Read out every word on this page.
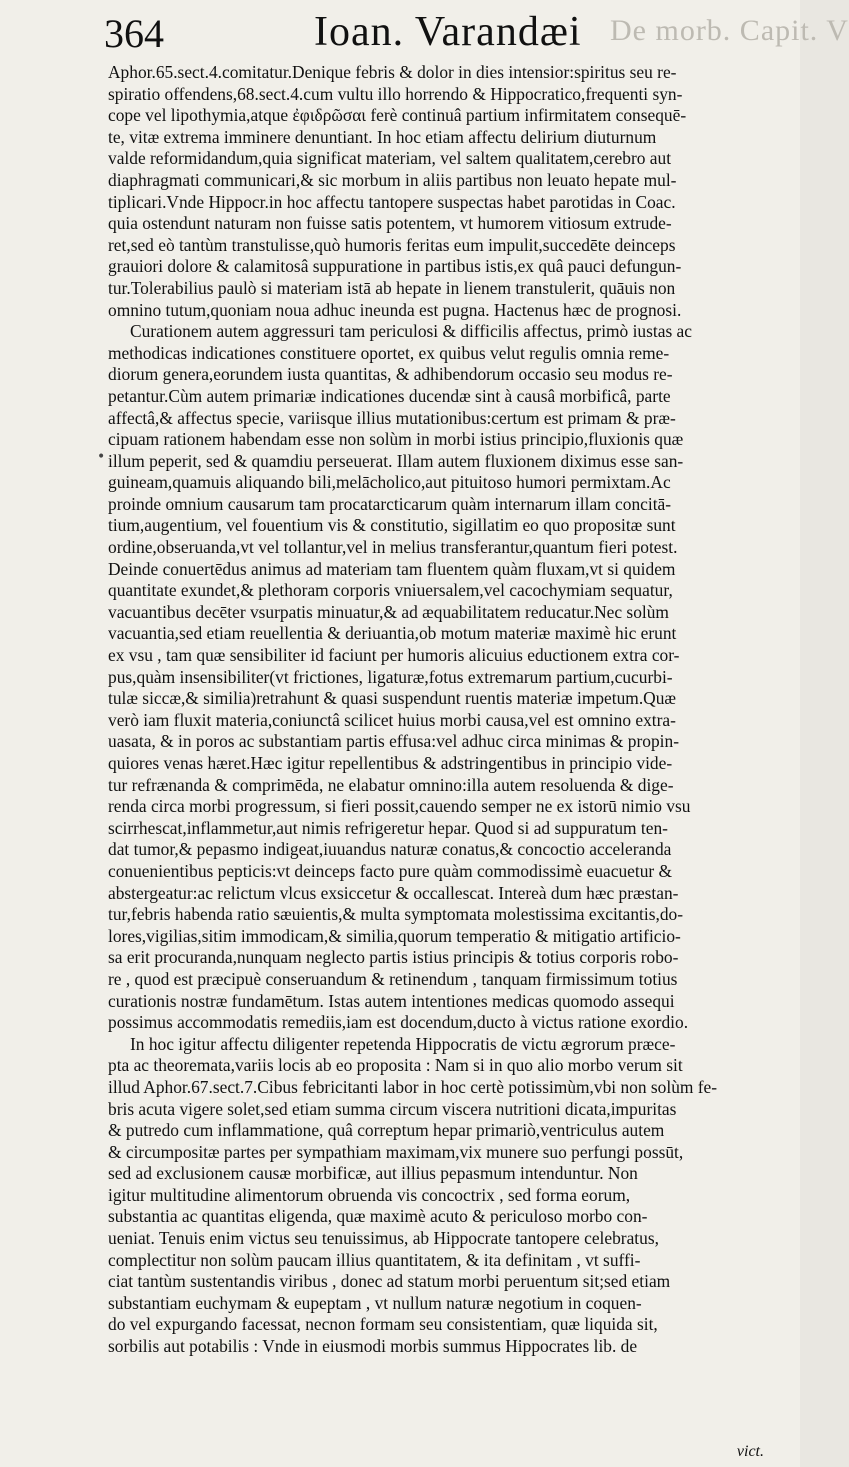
De morb. Capit. V
364	Ioan. Varandæi
•
Aphor.65.sect.4.comitatur.Denique febris & dolor in dies intensior:spiritus seu re-
spiratio offendens,68.sect.4.cum vultu illo horrendo & Hippocratico,frequenti syn-
cope vel lipothymia,atque ἐφιδρῶσαι ferè continuâ partium infirmitatem consequē-
te, vitæ extrema imminere denuntiant. In hoc etiam affectu delirium diuturnum
valde reformidandum,quia significat materiam, vel saltem qualitatem,cerebro aut
diaphragmati communicari,& sic morbum in aliis partibus non leuato hepate mul-
tiplicari.Vnde Hippocr.in hoc affectu tantopere suspectas habet parotidas in Coac.
quia ostendunt naturam non fuisse satis potentem, vt humorem vitiosum extrude-
ret,sed eò tantùm transtulisse,quò humoris feritas eum impulit,succedēte deinceps
grauiori dolore & calamitosâ suppuratione in partibus istis,ex quâ pauci defungun-
tur.Tolerabilius paulò si materiam istā ab hepate in lienem transtulerit, quāuis non
omnino tutum,quoniam noua adhuc ineunda est pugna. Hactenus hæc de prognosi.
Curationem autem aggressuri tam periculosi & difficilis affectus, primò iustas ac
methodicas indicationes constituere oportet, ex quibus velut regulis omnia reme-
diorum genera,eorundem iusta quantitas, & adhibendorum occasio seu modus re-
petantur.Cùm autem primariæ indicationes ducendæ sint à causâ morbificâ, parte
affectâ,& affectus specie, variisque illius mutationibus:certum est primam & præ-
cipuam rationem habendam esse non solùm in morbi istius principio,fluxionis quæ
illum peperit, sed & quamdiu perseuerat. Illam autem fluxionem diximus esse san-
guineam,quamuis aliquando bili,melācholico,aut pituitoso humori permixtam.Ac
proinde omnium causarum tam procatarcticarum quàm internarum illam concitā-
tium,augentium, vel fouentium vis & constitutio, sigillatim eo quo propositæ sunt
ordine,obseruanda,vt vel tollantur,vel in melius transferantur,quantum fieri potest.
Deinde conuertēdus animus ad materiam tam fluentem quàm fluxam,vt si quidem
quantitate exundet,& plethoram corporis vniuersalem,vel cacochymiam sequatur,
vacuantibus decēter vsurpatis minuatur,& ad æquabilitatem reducatur.Nec solùm
vacuantia,sed etiam reuellentia & deriuantia,ob motum materiæ maximè hic erunt
ex vsu , tam quæ sensibiliter id faciunt per humoris alicuius eductionem extra cor-
pus,quàm insensibiliter(vt frictiones, ligaturæ,fotus extremarum partium,cucurbi-
tulæ siccæ,& similia)retrahunt & quasi suspendunt ruentis materiæ impetum.Quæ
verò iam fluxit materia,coniunctâ scilicet huius morbi causa,vel est omnino extra-
uasata, & in poros ac substantiam partis effusa:vel adhuc circa minimas & propin-
quiores venas hæret.Hæc igitur repellentibus & adstringentibus in principio vide-
tur refrænanda & comprimēda, ne elabatur omnino:illa autem resoluenda & dige-
renda circa morbi progressum, si fieri possit,cauendo semper ne ex istorū nimio vsu
scirrhescat,inflammetur,aut nimis refrigeretur hepar. Quod si ad suppuratum ten-
dat tumor,& pepasmo indigeat,iuuandus naturæ conatus,& concoctio acceleranda
conuenientibus pepticis:vt deinceps facto pure quàm commodissimè euacuetur &
abstergeatur:ac relictum vlcus exsiccetur & occallescat. Intereà dum hæc præstan-
tur,febris habenda ratio sæuientis,& multa symptomata molestissima excitantis,do-
lores,vigilias,sitim immodicam,& similia,quorum temperatio & mitigatio artificio-
sa erit procuranda,nunquam neglecto partis istius principis & totius corporis robo-
re , quod est præcipuè conseruandum & retinendum , tanquam firmissimum totius
curationis nostræ fundamētum. Istas autem intentiones medicas quomodo assequi
possimus accommodatis remediis,iam est docendum,ducto à victus ratione exordio.
In hoc igitur affectu diligenter repetenda Hippocratis de victu ægrorum præce-
pta ac theoremata,variis locis ab eo proposita : Nam si in quo alio morbo verum sit
illud Aphor.67.sect.7.Cibus febricitanti labor in hoc certè potissimùm,vbi non solùm fe-
bris acuta vigere solet,sed etiam summa circum viscera nutritioni dicata,impuritas
& putredo cum inflammatione, quâ correptum hepar primariò,ventriculus autem
& circumpositæ partes per sympathiam maximam,vix munere suo perfungi possūt,
sed ad exclusionem causæ morbificæ, aut illius pepasmum intenduntur. Non
igitur multitudine alimentorum obruenda vis concoctrix , sed forma eorum,
substantia ac quantitas eligenda, quæ maximè acuto & periculoso morbo con-
ueniat. Tenuis enim victus seu tenuissimus, ab Hippocrate tantopere celebratus,
complectitur non solùm paucam illius quantitatem, & ita definitam , vt suffi-
ciat tantùm sustentandis viribus , donec ad statum morbi peruentum sit;sed etiam
substantiam euchymam & eupeptam , vt nullum naturæ negotium in coquen-
do vel expurgando facessat, necnon formam seu consistentiam, quæ liquida sit,
sorbilis aut potabilis : Vnde in eiusmodi morbis summus Hippocrates lib. de
vict.
